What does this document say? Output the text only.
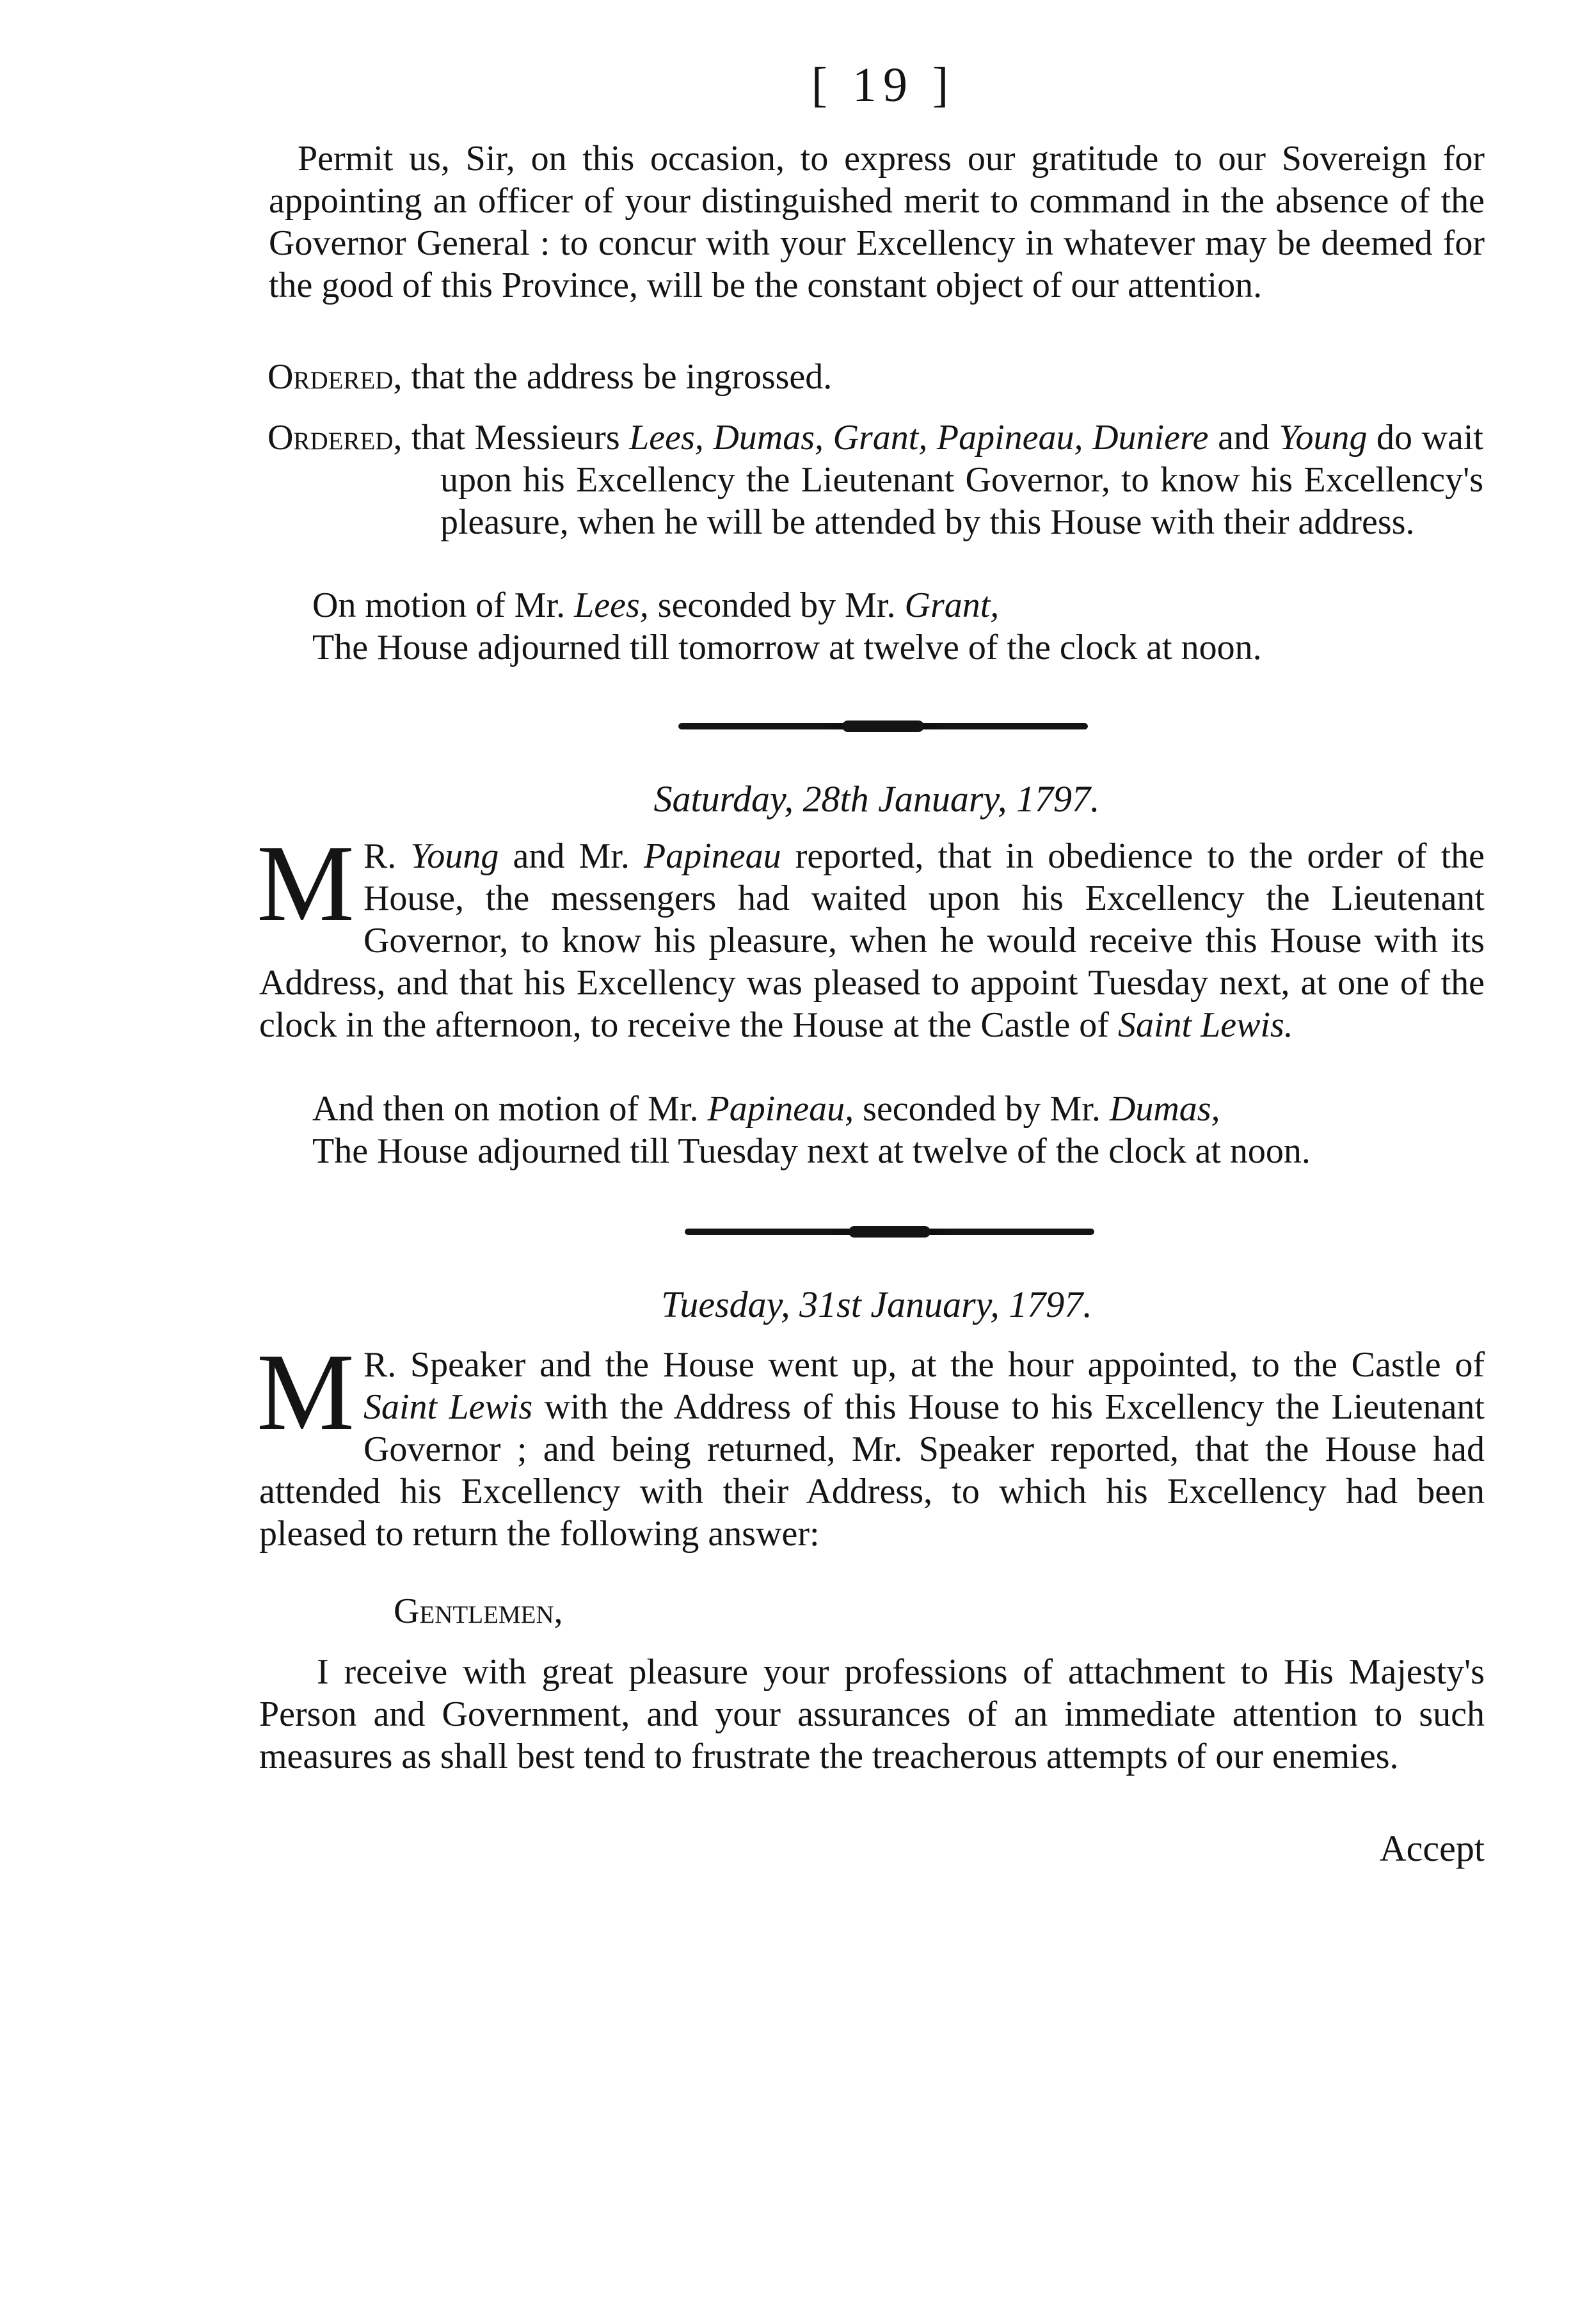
[ 19 ]

Permit us, Sir, on this occasion, to express our gratitude to our Sovereign for appointing an officer of your distinguished merit to command in the absence of the Governor General : to concur with your Excellency in whatever may be deemed for the good of this Province, will be the constant object of our attention.

Ordered, that the address be ingrossed.

Ordered, that Messieurs Lees, Dumas, Grant, Papineau, Duniere and Young do wait upon his Excellency the Lieutenant Governor, to know his Excellency's pleasure, when he will be attended by this House with their address.

On motion of Mr. Lees, seconded by Mr. Grant,

The House adjourned till tomorrow at twelve of the clock at noon.

Saturday, 28th January, 1797.
M R. Young and Mr. Papineau reported, that in obedience to the order of the House, the messengers had waited upon his Excellency the Lieutenant Governor, to know his pleasure, when he would receive this House with its Address, and that his Excellency was pleased to appoint Tuesday next, at one of the clock in the afternoon, to receive the House at the Castle of Saint Lewis.

And then on motion of Mr. Papineau, seconded by Mr. Dumas,

The House adjourned till Tuesday next at twelve of the clock at noon.

Tuesday, 31st January, 1797.
M R. Speaker and the House went up, at the hour appointed, to the Castle of Saint Lewis with the Address of this House to his Excellency the Lieutenant Governor ; and being returned, Mr. Speaker reported, that the House had attended his Excellency with their Address, to which his Excellency had been pleased to return the following answer:

Gentlemen,

I receive with great pleasure your professions of attachment to His Majesty's Person and Government, and your assurances of an immediate attention to such measures as shall best tend to frustrate the treacherous attempts of our enemies.

Accept
